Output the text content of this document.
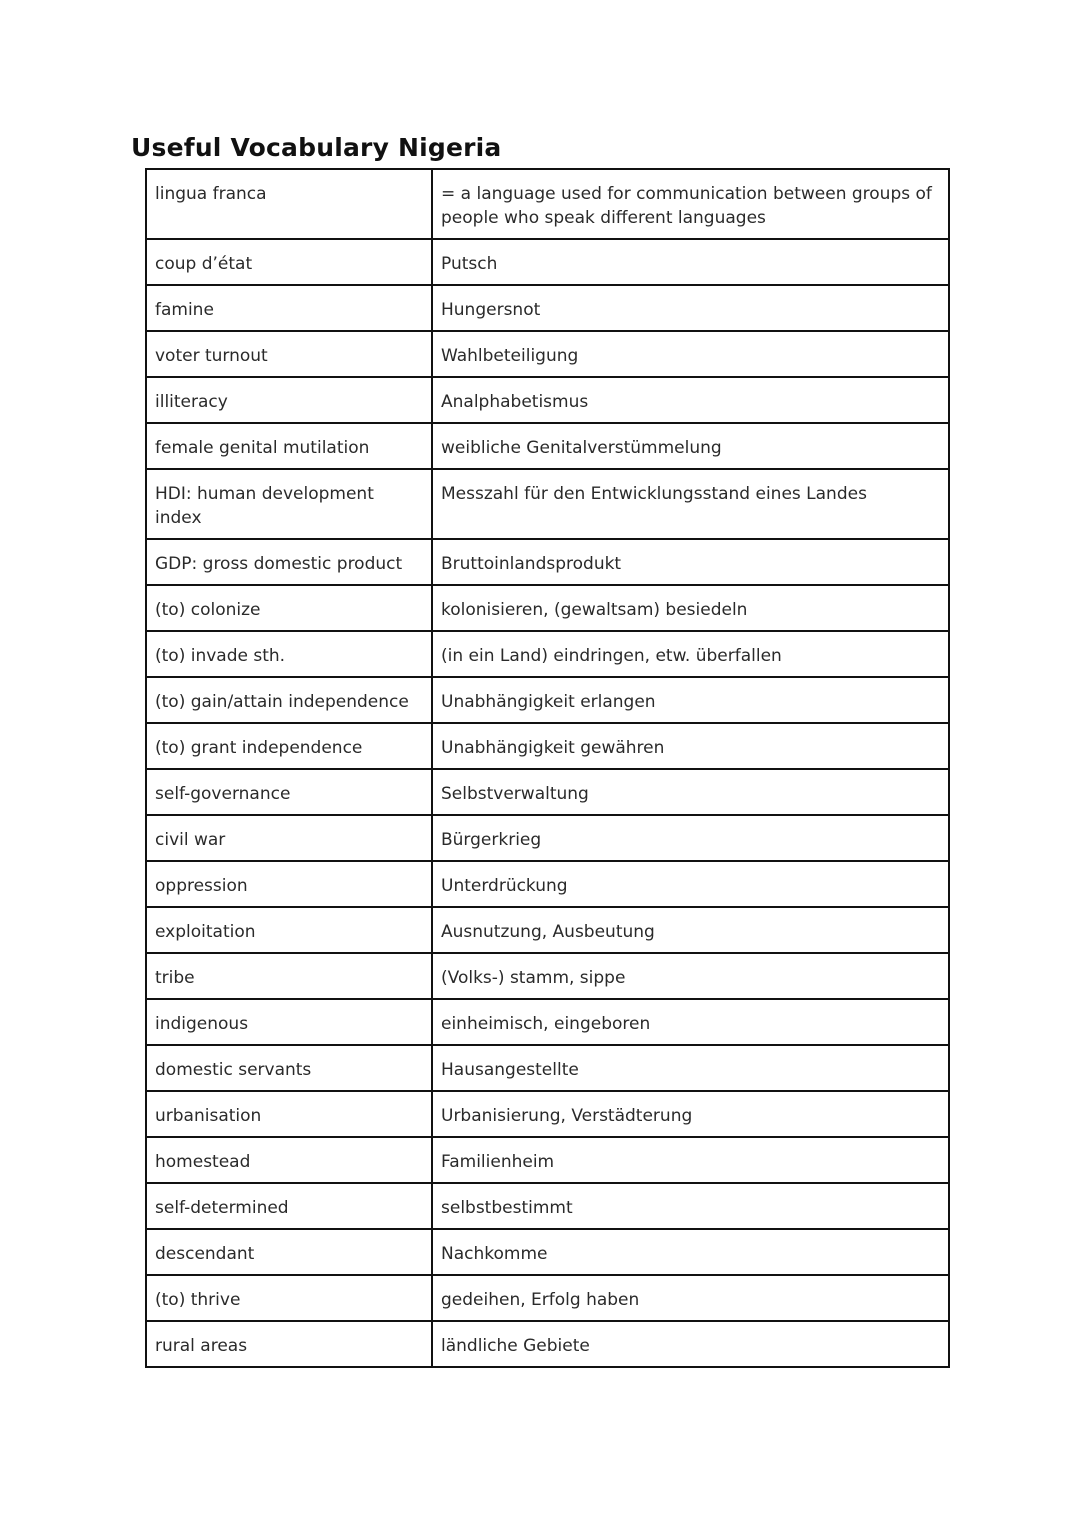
Useful Vocabulary Nigeria
lingua franca	= a language used for communication between groups of people who speak different languages
coup d’état	Putsch
famine	Hungersnot
voter turnout	Wahlbeteiligung
illiteracy	Analphabetismus
female genital mutilation	weibliche Genitalverstümmelung
HDI: human development index	Messzahl für den Entwicklungsstand eines Landes
GDP: gross domestic product	Bruttoinlandsprodukt
(to) colonize	kolonisieren, (gewaltsam) besiedeln
(to) invade sth.	(in ein Land) eindringen, etw. überfallen
(to) gain/attain independence	Unabhängigkeit erlangen
(to) grant independence	Unabhängigkeit gewähren
self-governance	Selbstverwaltung
civil war	Bürgerkrieg
oppression	Unterdrückung
exploitation	Ausnutzung, Ausbeutung
tribe	(Volks-) stamm, sippe
indigenous	einheimisch, eingeboren
domestic servants	Hausangestellte
urbanisation	Urbanisierung, Verstädterung
homestead	Familienheim
self-determined	selbstbestimmt
descendant	Nachkomme
(to) thrive	gedeihen, Erfolg haben
rural areas	ländliche Gebiete
